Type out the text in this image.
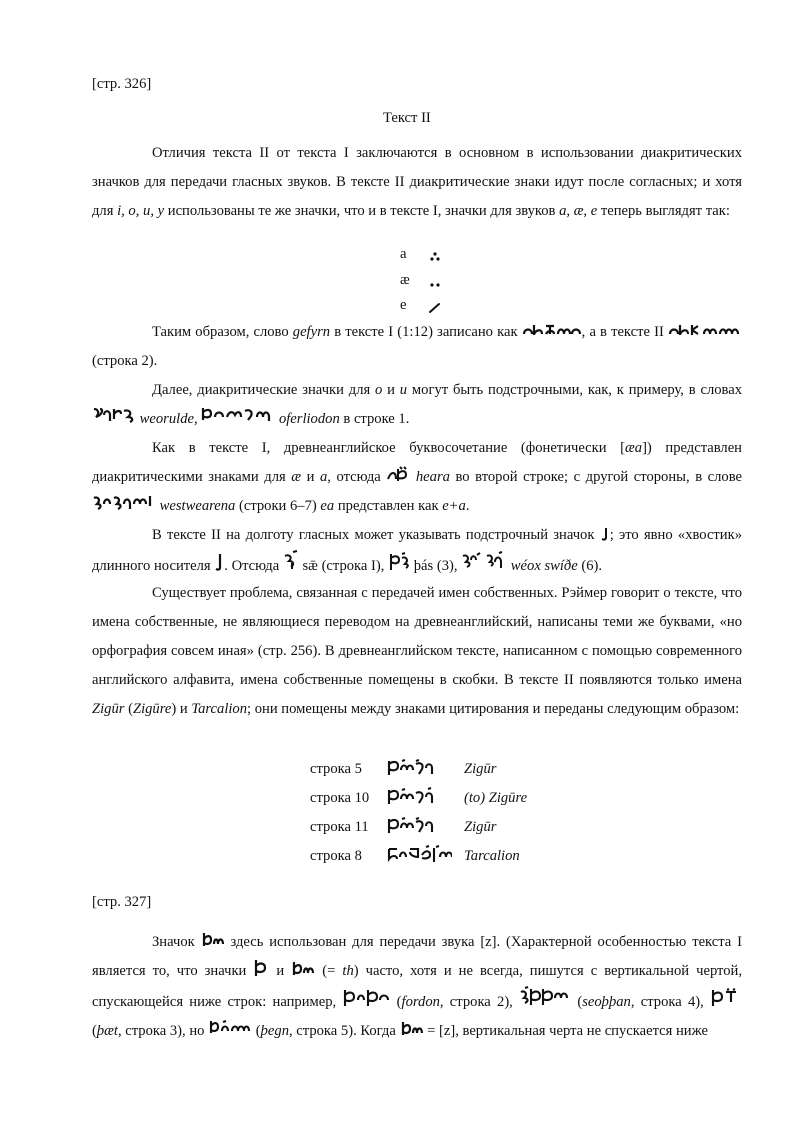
[стр. 326]
Текст II

Отличия текста II от текста I заключаются в основном в использовании диакритических значков для передачи гласных звуков. В тексте II диакритические знаки идут после согласных; и хотя для i, o, u, y использованы те же значки, что и в тексте I, значки для звуков a, æ, e теперь выглядят так:

a
æ
e

Таким образом, слово gefyrn в тексте I (1:12) записано как	, а в тексте II
(строка 2).

Далее, диакритические значки для o и u могут быть подстрочными, как, к примеру, в словах
weorulde,	oferliodon в строке 1.

Как в тексте I, древнеанглийское буквосочетание (фонетически [æa]) представлен диакритическими знаками для æ и a, отсюда
heara во второй строке; с другой стороны, в слове
westwearena (строки 6–7) ea представлен как e+a.

В тексте II на долготу гласных может указывать подстрочный значок
; это явно «хвостик» длинного носителя
. Отсюда
sǣ (строка I),
þás (3),	wéox swíðe (6).

Существует проблема, связанная с передачей имен собственных. Рэймер говорит о тексте, что имена собственные, не являющиеся переводом на древнеанглийский, написаны теми же буквами, «но орфография совсем иная» (стр. 256). В древнеанглийском тексте, написанном с помощью современного английского алфавита, имена собственные помещены в скобки. В тексте II появляются только имена Zigūr (Zigūre) и Tarcalion; они помещены между знаками цитирования и переданы следующим образом:

строка 5	Zigūr
строка 10	(to) Zigūre
строка 11	Zigūr
строка 8	Tarcalion
[стр. 327]

Значок
здесь использован для передачи звука [z]. (Характерной особенностью текста I является то, что значки
и
(= th) часто, хотя и не всегда, пишутся с вертикальной чертой, спускающейся ниже строк: например,	(fordon, строка 2),	(seoþþan, строка 4),
(þæt, строка 3), но	(þegn, строка 5). Когда
= [z], вертикальная черта не спускается ниже
